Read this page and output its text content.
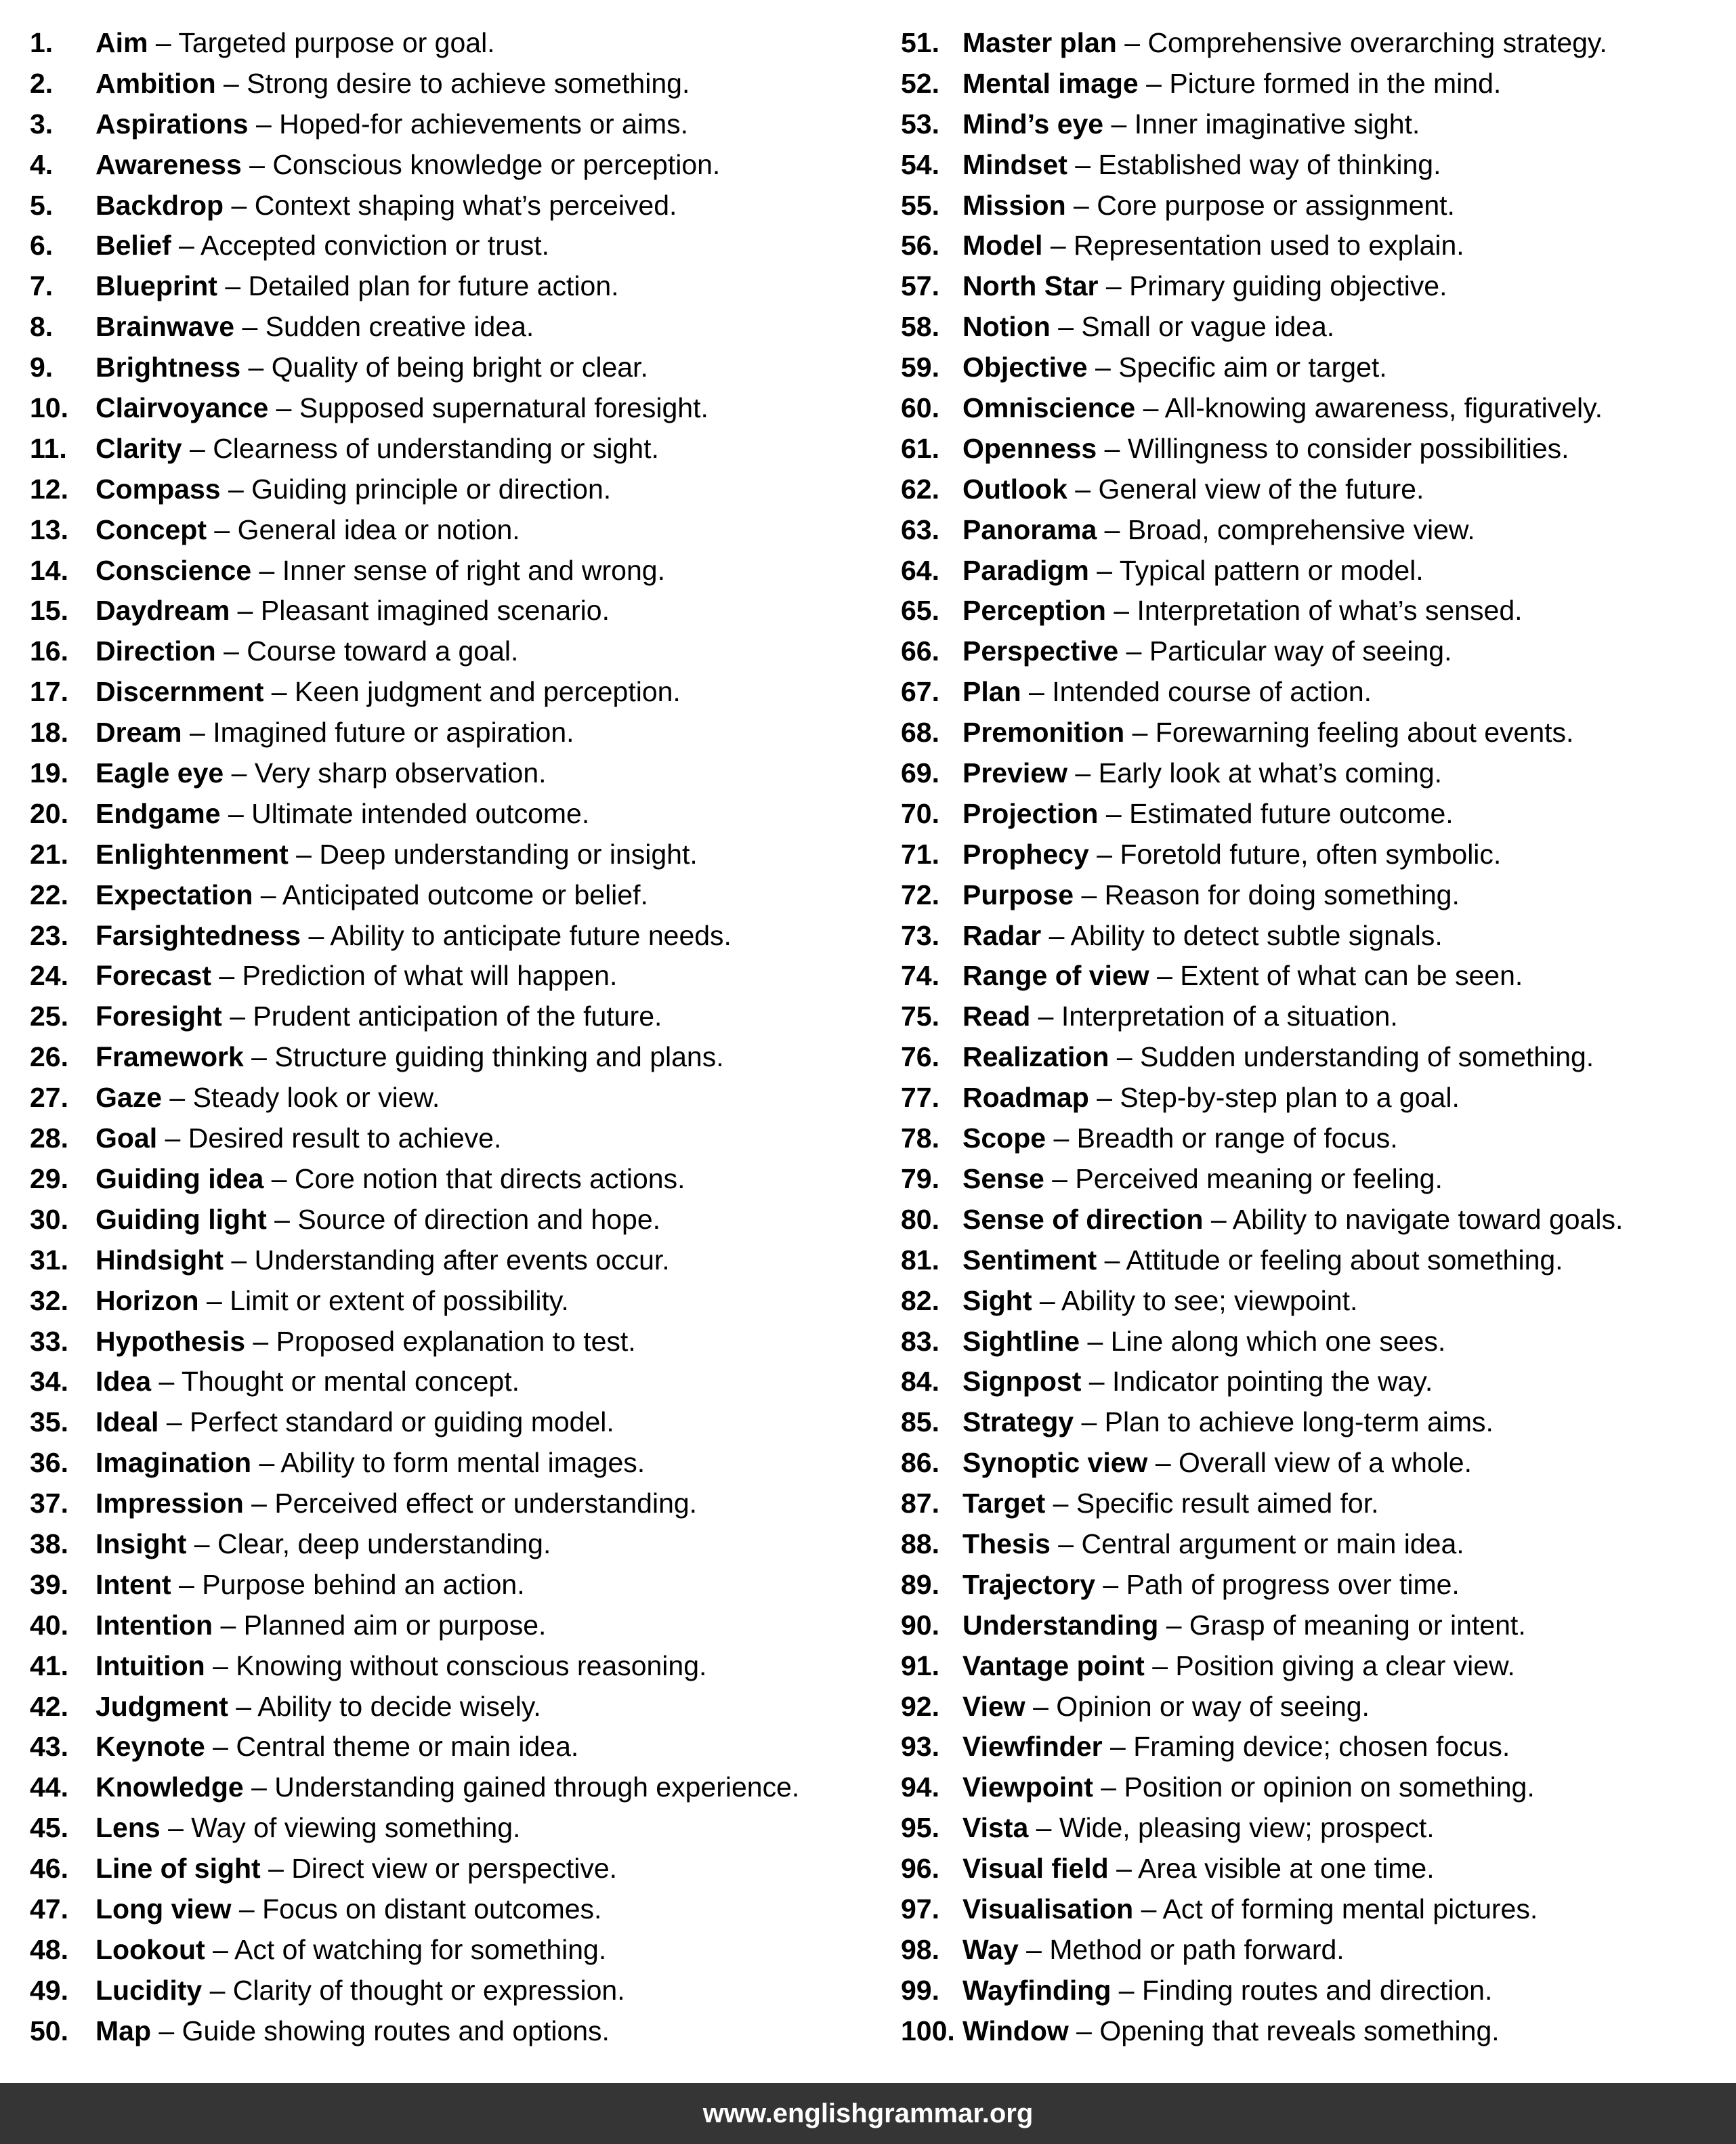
1. Aim – Targeted purpose or goal.
2. Ambition – Strong desire to achieve something.
3. Aspirations – Hoped-for achievements or aims.
4. Awareness – Conscious knowledge or perception.
5. Backdrop – Context shaping what’s perceived.
6. Belief – Accepted conviction or trust.
7. Blueprint – Detailed plan for future action.
8. Brainwave – Sudden creative idea.
9. Brightness – Quality of being bright or clear.
10. Clairvoyance – Supposed supernatural foresight.
11. Clarity – Clearness of understanding or sight.
12. Compass – Guiding principle or direction.
13. Concept – General idea or notion.
14. Conscience – Inner sense of right and wrong.
15. Daydream – Pleasant imagined scenario.
16. Direction – Course toward a goal.
17. Discernment – Keen judgment and perception.
18. Dream – Imagined future or aspiration.
19. Eagle eye – Very sharp observation.
20. Endgame – Ultimate intended outcome.
21. Enlightenment – Deep understanding or insight.
22. Expectation – Anticipated outcome or belief.
23. Farsightedness – Ability to anticipate future needs.
24. Forecast – Prediction of what will happen.
25. Foresight – Prudent anticipation of the future.
26. Framework – Structure guiding thinking and plans.
27. Gaze – Steady look or view.
28. Goal – Desired result to achieve.
29. Guiding idea – Core notion that directs actions.
30. Guiding light – Source of direction and hope.
31. Hindsight – Understanding after events occur.
32. Horizon – Limit or extent of possibility.
33. Hypothesis – Proposed explanation to test.
34. Idea – Thought or mental concept.
35. Ideal – Perfect standard or guiding model.
36. Imagination – Ability to form mental images.
37. Impression – Perceived effect or understanding.
38. Insight – Clear, deep understanding.
39. Intent – Purpose behind an action.
40. Intention – Planned aim or purpose.
41. Intuition – Knowing without conscious reasoning.
42. Judgment – Ability to decide wisely.
43. Keynote – Central theme or main idea.
44. Knowledge – Understanding gained through experience.
45. Lens – Way of viewing something.
46. Line of sight – Direct view or perspective.
47. Long view – Focus on distant outcomes.
48. Lookout – Act of watching for something.
49. Lucidity – Clarity of thought or expression.
50. Map – Guide showing routes and options.
51. Master plan – Comprehensive overarching strategy.
52. Mental image – Picture formed in the mind.
53. Mind’s eye – Inner imaginative sight.
54. Mindset – Established way of thinking.
55. Mission – Core purpose or assignment.
56. Model – Representation used to explain.
57. North Star – Primary guiding objective.
58. Notion – Small or vague idea.
59. Objective – Specific aim or target.
60. Omniscience – All-knowing awareness, figuratively.
61. Openness – Willingness to consider possibilities.
62. Outlook – General view of the future.
63. Panorama – Broad, comprehensive view.
64. Paradigm – Typical pattern or model.
65. Perception – Interpretation of what’s sensed.
66. Perspective – Particular way of seeing.
67. Plan – Intended course of action.
68. Premonition – Forewarning feeling about events.
69. Preview – Early look at what’s coming.
70. Projection – Estimated future outcome.
71. Prophecy – Foretold future, often symbolic.
72. Purpose – Reason for doing something.
73. Radar – Ability to detect subtle signals.
74. Range of view – Extent of what can be seen.
75. Read – Interpretation of a situation.
76. Realization – Sudden understanding of something.
77. Roadmap – Step-by-step plan to a goal.
78. Scope – Breadth or range of focus.
79. Sense – Perceived meaning or feeling.
80. Sense of direction – Ability to navigate toward goals.
81. Sentiment – Attitude or feeling about something.
82. Sight – Ability to see; viewpoint.
83. Sightline – Line along which one sees.
84. Signpost – Indicator pointing the way.
85. Strategy – Plan to achieve long-term aims.
86. Synoptic view – Overall view of a whole.
87. Target – Specific result aimed for.
88. Thesis – Central argument or main idea.
89. Trajectory – Path of progress over time.
90. Understanding – Grasp of meaning or intent.
91. Vantage point – Position giving a clear view.
92. View – Opinion or way of seeing.
93. Viewfinder – Framing device; chosen focus.
94. Viewpoint – Position or opinion on something.
95. Vista – Wide, pleasing view; prospect.
96. Visual field – Area visible at one time.
97. Visualisation – Act of forming mental pictures.
98. Way – Method or path forward.
99. Wayfinding – Finding routes and direction.
100. Window – Opening that reveals something.
www.englishgrammar.org
